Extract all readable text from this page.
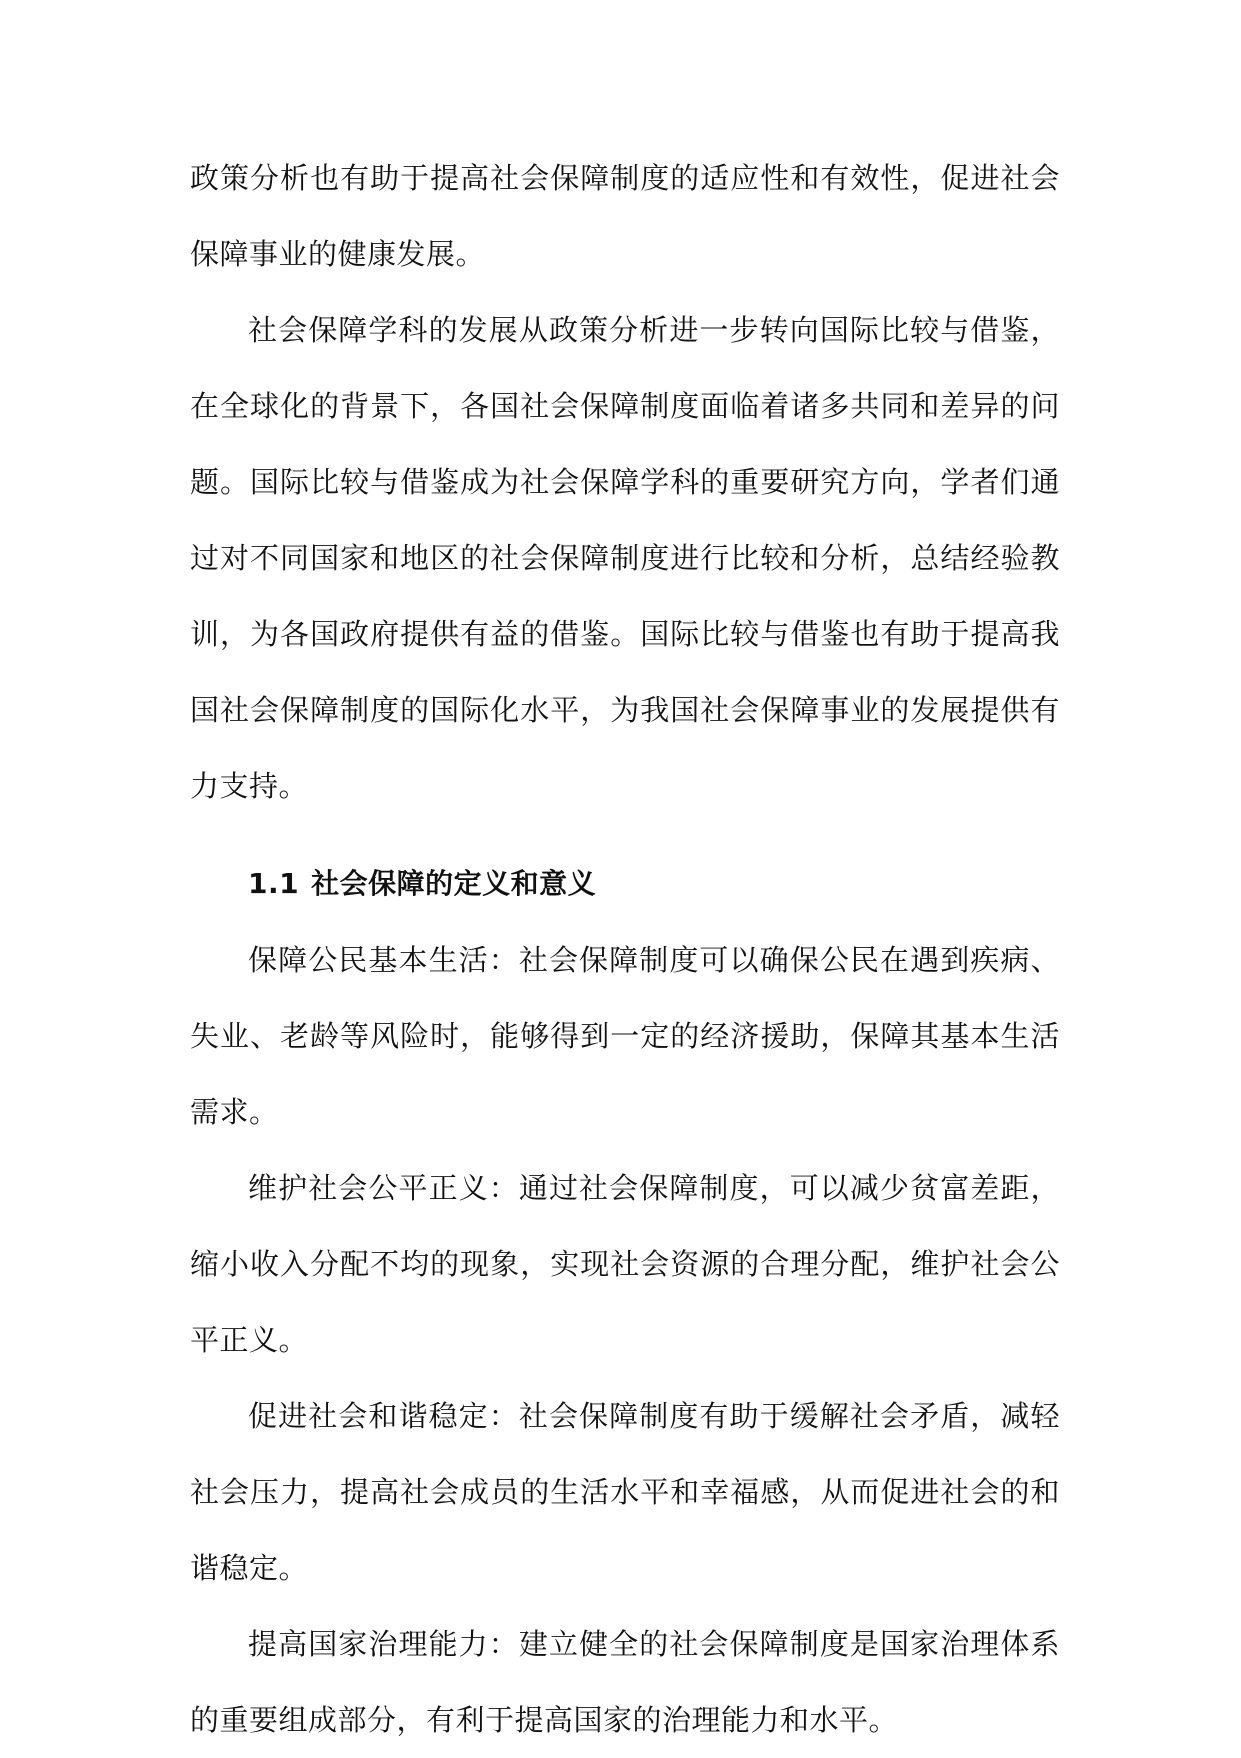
政策分析也有助于提高社会保障制度的适应性和有效性，促进社会保障事业的健康发展。

社会保障学科的发展从政策分析进一步转向国际比较与借鉴，在全球化的背景下，各国社会保障制度面临着诸多共同和差异的问题。国际比较与借鉴成为社会保障学科的重要研究方向，学者们通过对不同国家和地区的社会保障制度进行比较和分析，总结经验教训，为各国政府提供有益的借鉴。国际比较与借鉴也有助于提高我国社会保障制度的国际化水平，为我国社会保障事业的发展提供有力支持。

1.1 社会保障的定义和意义

保障公民基本生活：社会保障制度可以确保公民在遇到疾病、失业、老龄等风险时，能够得到一定的经济援助，保障其基本生活需求。

维护社会公平正义：通过社会保障制度，可以减少贫富差距，缩小收入分配不均的现象，实现社会资源的合理分配，维护社会公平正义。

促进社会和谐稳定：社会保障制度有助于缓解社会矛盾，减轻社会压力，提高社会成员的生活水平和幸福感，从而促进社会的和谐稳定。

提高国家治理能力：建立健全的社会保障制度是国家治理体系的重要组成部分，有利于提高国家的治理能力和水平。
